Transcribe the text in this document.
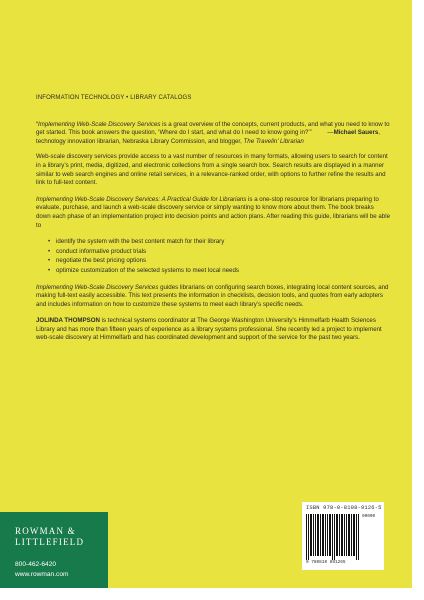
INFORMATION TECHNOLOGY • LIBRARY CATALOGS

“Implementing Web-Scale Discovery Services is a great overview of the concepts, current products, and what you need to know to get started. This book answers the question, ‘Where do I start, and what do I need to know going in?’”	—Michael Sauers, technology innovation librarian, Nebraska Library Commission, and blogger, The Travelin’ Librarian

Web-scale discovery services provide access to a vast number of resources in many formats, allowing users to search for content in a library’s print, media, digitized, and electronic collections from a single search box. Search results are displayed in a manner similar to web search engines and online retail services, in a relevance-ranked order, with options to further refine the results and link to full-text content.

Implementing Web-Scale Discovery Services: A Practical Guide for Librarians is a one-stop resource for librarians preparing to evaluate, purchase, and launch a web-scale discovery service or simply wanting to know more about them. The book breaks down each phase of an implementation project into decision points and action plans. After reading this guide, librarians will be able to

• identify the system with the best content match for their library
• conduct informative product trials
• negotiate the best pricing options
• optimize customization of the selected systems to meet local needs

Implementing Web-Scale Discovery Services guides librarians on configuring search boxes, integrating local content sources, and making full-text easily accessible. This text presents the information in checklists, decision tools, and quotes from early adopters and includes information on how to customize these systems to meet each library’s specific needs.

JOLINDA THOMPSON is technical systems coordinator at The George Washington University’s Himmelfarb Health Sciences Library and has more than fifteen years of experience as a library systems professional. She recently led a project to implement web-scale discovery at Himmelfarb and has coordinated development and support of the service for the past two years.

ROWMAN &
LITTLEFIELD
800-462-6420
www.rowman.com
ISBN 978-0-8108-9126-5
90000
9 780810 891265
